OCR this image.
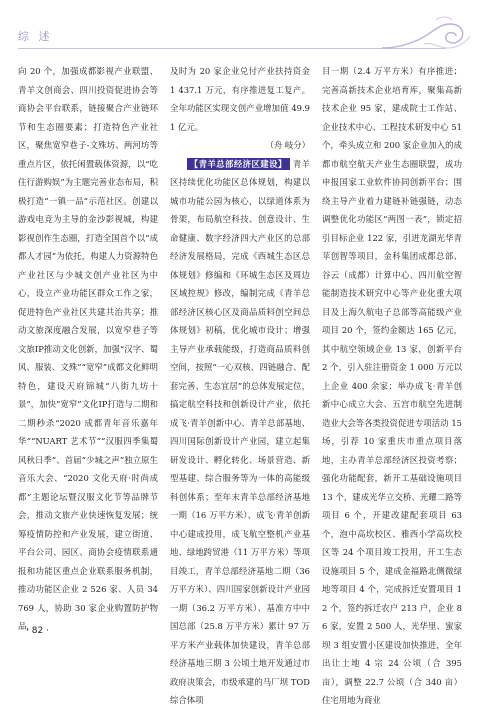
综 述

向 20 个，加强成都影视产业联盟、青羊文创商会、四川投资促进协会等商协会平台联系，链接聚合产业链环节和生态圈要素；打造特色产业社区，聚焦宽窄巷子-文殊坊、两河坊等重点片区，依托闲置载体资源，以“吃住行游购娱”为主题完善业态布局，积极打造“一镇一品”示范社区。创建以游戏电竞为主导的金沙影视城，构建影视创作生态圈，打造全国首个以“成都人才园”为依托，构建人力资源特色产业社区与少城文创产业社区为中心，设立产业功能区群众工作之家，促进特色产业社区共建共治共享；推动文旅深度融合发展，以宽窄巷子等文旅IP推动文化创新，加强“汉字、蜀风、服装、文殊”“宽窄”成都文化鲜明特色，建设天府锦城“八街九坊十景”，加快“宽窄”文化IP打造与二期和二期秒杀“2020 成都青年音乐嘉年华”“NUART 艺术节”“汉服四季集蜀风秋日季”、首届“少城之声”独立原生音乐大会、“2020 文化天府·时尚成都”主题论坛暨汉服文化节等品牌节会，推动文旅产业快速恢复发展；统筹疫情防控和产业发展，建立街道、平台公司、园区、商协会疫情联系通报和功能区重点企业联系服务机制，推动功能区企业 2 526 家、人员 34 769 人，协助 30 家企业购置防护物品，

及时为 20 家企业兑付产业扶持资金 1 437.1 万元，有序推进复工复产。全年功能区实现文创产业增加值 49.91 亿元。

（舟 岐分）

【青羊总部经济区建设】 青羊区持续优化功能区总体规划，构建以城市功能公园为核心，以绿道体系为骨架，布局航空科技、创意设计、生命健康、数字经济四大产业区的总部经济发展格局，完成《西城生态区总体规划》修编和《环城生态区及周边区域控规》修改，编制完成《青羊总部经济区核心区及商品质料创空间总体规划》初稿，优化城市设计；增强主导产业承载能级，打造商品质料创空间，按照“一心双核、四链融合、配套完善、生态宜居”的总体发展定位，搞定航空科技和创新设计产业，依托成飞·青羊创新中心、青羊总部基地、四川国际创新设计产业园，建立起集研发设计、孵化转化、场景营造、新型基建、综合服务等为一体的高能级科创体系；至年末青羊总部经济基地一期（16 万平方米）、成飞·青羊创新中心建成投用，成飞航空整机产业基地、绿地跨贸港（11 万平方米）等项目竣工，青羊总部经济基地二期（36 万平方米）、四川国家创新设计产业园一期（36.2 万平方米）、基准方中中国总部（25.8 万平方米）累计 97 万平方米产业载体加快建设，青羊总部经济基地三期 3 公顷土地开发通过市政府决策会，市级承建的马厂坝 TOD 综合体项

目一期（2.4 万平方米）有序推进；完善高新技术企业培育库，聚集高新技术企业 95 家，建成院士工作站、企业技术中心、工程技术研发中心 51 个，牵头成立和 200 家企业加入的成都市航空航天产业生态圈联盟，成功申报国家工业软件协同创新平台；围绕主导产业着力建链补链强链，动态调整优化功能区“两图一表”，锁定招引目标企业 122 家，引进龙湖光华青苹创智等项目，金科集团成都总部、谷云（成都）计算中心、四川航空智能制造技术研究中心等产业化重大项目及上海久航电子总部等高能级产业项目 20 个，签约金额达 165 亿元，其中航空领域企业 13 家，创新平台 2 个，引入驻注册资金 1 000 万元以上企业 400 余家；举办成飞·青羊创新中心成立大会、五宫市航空先进制造业大会等各类投资促进专项活动 15 场，引荐 10 家重庆市重点项目落地，主办青羊总部经济区投资考察；强化功能配套，新开工基础设施项目 13 个，建成光华立交桥、光耀二路等项目 6 个，开建改建配套项目 63 个，泡中高坎校区、雅西小学高坎校区等 24 个项目竣工投用，开工生态设施项目 5 个，建成金福路北侧微绿地等项目 4 个，完成拆迁安置项目 12 个，签约拆迁农户 213 户，企业 86 家，安置 2 500 人，光华里、蜜家坝 3 组安置小区建设加快推进，全年出让土地 4 宗 24 公顷（合 395 亩），调整 22.7 公顷（合 340 亩）住宅用地为商业

· 82 ·
